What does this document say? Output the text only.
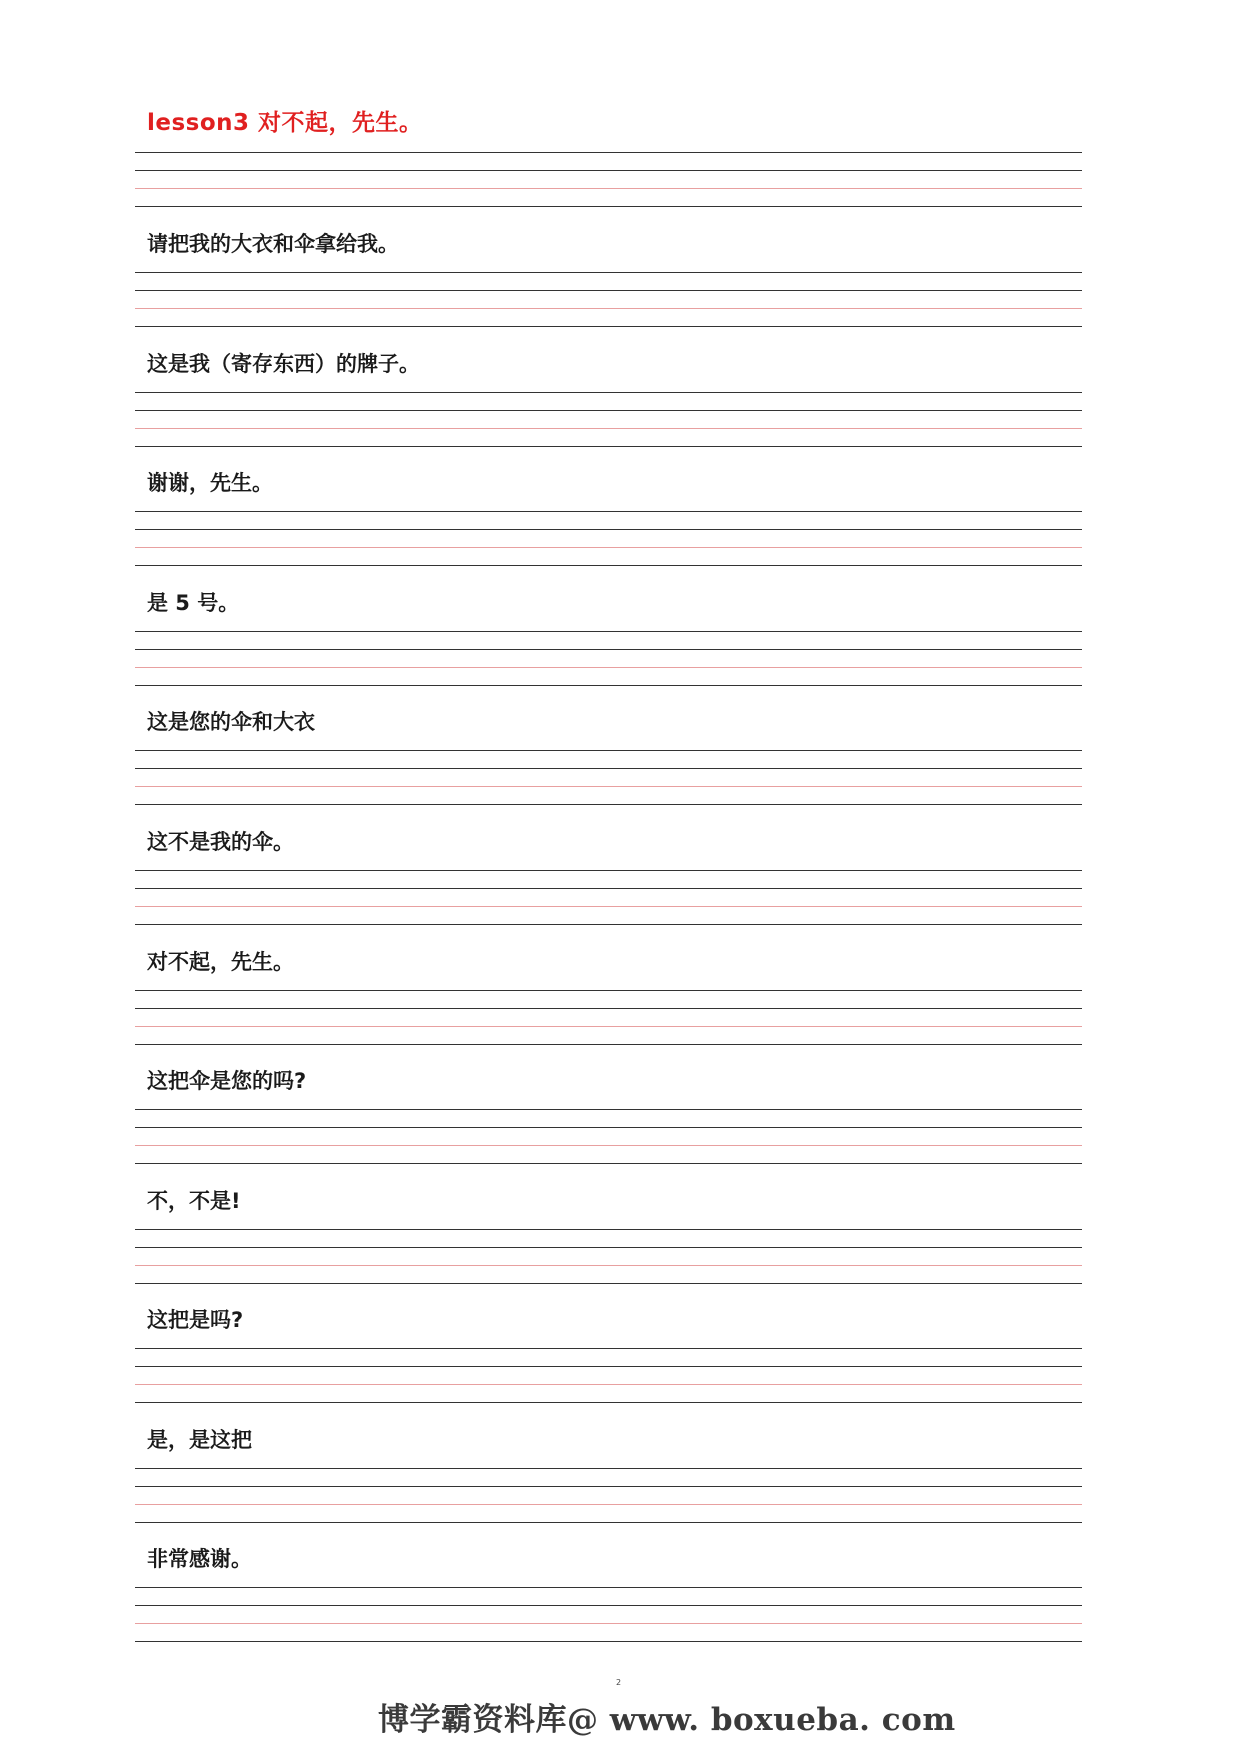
lesson3 对不起，先生。
请把我的大衣和伞拿给我。
这是我（寄存东西）的牌子。
谢谢，先生。
是 5 号。
这是您的伞和大衣
这不是我的伞。
对不起，先生。
这把伞是您的吗?
不，不是!
这把是吗?
是，是这把
非常感谢。
2
博学霸资料库@ www. boxueba. com
